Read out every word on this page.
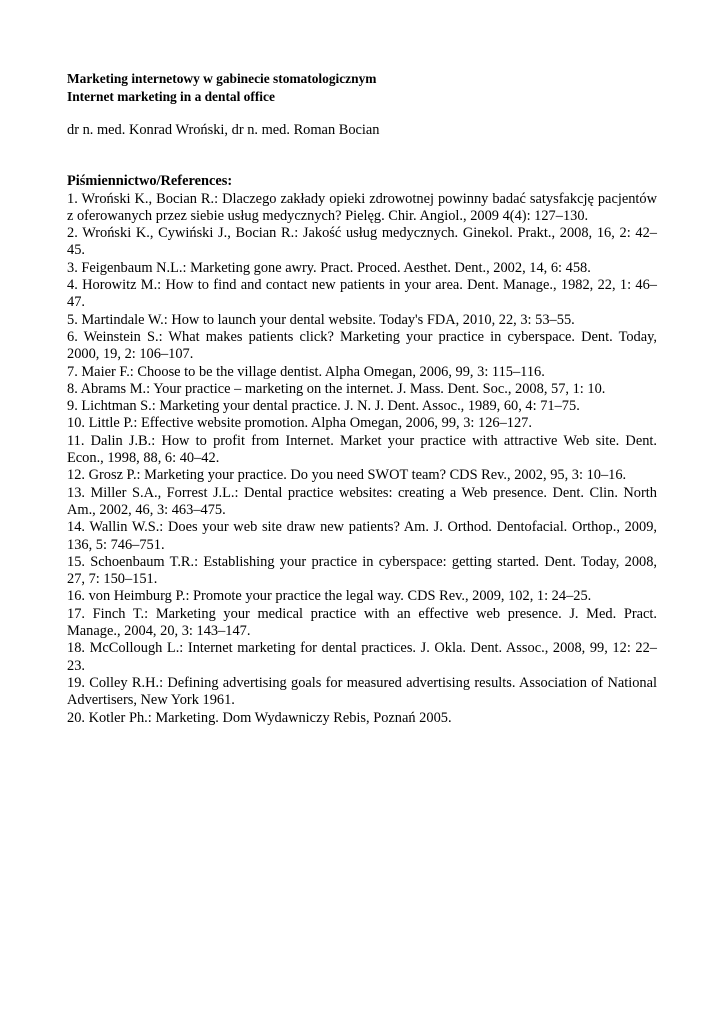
Marketing internetowy w gabinecie stomatologicznym
Internet marketing in a dental office
dr n. med. Konrad Wroński, dr n. med. Roman Bocian
Piśmiennictwo/References:
1. Wroński K., Bocian R.: Dlaczego zakłady opieki zdrowotnej powinny badać satysfakcję pacjentów z oferowanych przez siebie usług medycznych? Pielęg. Chir. Angiol., 2009 4(4): 127–130.
2. Wroński K., Cywiński J., Bocian R.: Jakość usług medycznych. Ginekol. Prakt., 2008, 16, 2: 42–45.
3. Feigenbaum N.L.: Marketing gone awry. Pract. Proced. Aesthet. Dent., 2002, 14, 6: 458.
4. Horowitz M.: How to find and contact new patients in your area. Dent. Manage., 1982, 22, 1: 46–47.
5. Martindale W.: How to launch your dental website. Today's FDA, 2010, 22, 3: 53–55.
6. Weinstein S.: What makes patients click? Marketing your practice in cyberspace. Dent. Today, 2000, 19, 2: 106–107.
7. Maier F.: Choose to be the village dentist. Alpha Omegan, 2006, 99, 3: 115–116.
8. Abrams M.: Your practice – marketing on the internet. J. Mass. Dent. Soc., 2008, 57, 1: 10.
9. Lichtman S.: Marketing your dental practice. J. N. J. Dent. Assoc., 1989, 60, 4: 71–75.
10. Little P.: Effective website promotion. Alpha Omegan, 2006, 99, 3: 126–127.
11. Dalin J.B.: How to profit from Internet. Market your practice with attractive Web site. Dent. Econ., 1998, 88, 6: 40–42.
12. Grosz P.: Marketing your practice. Do you need SWOT team? CDS Rev., 2002, 95, 3: 10–16.
13. Miller S.A., Forrest J.L.: Dental practice websites: creating a Web presence. Dent. Clin. North Am., 2002, 46, 3: 463–475.
14. Wallin W.S.: Does your web site draw new patients? Am. J. Orthod. Dentofacial. Orthop., 2009, 136, 5: 746–751.
15. Schoenbaum T.R.: Establishing your practice in cyberspace: getting started. Dent. Today, 2008, 27, 7: 150–151.
16. von Heimburg P.: Promote your practice the legal way. CDS Rev., 2009, 102, 1: 24–25.
17. Finch T.: Marketing your medical practice with an effective web presence. J. Med. Pract. Manage., 2004, 20, 3: 143–147.
18. McCollough L.: Internet marketing for dental practices. J. Okla. Dent. Assoc., 2008, 99, 12: 22–23.
19. Colley R.H.: Defining advertising goals for measured advertising results. Association of National Advertisers, New York 1961.
20. Kotler Ph.: Marketing. Dom Wydawniczy Rebis, Poznań 2005.
